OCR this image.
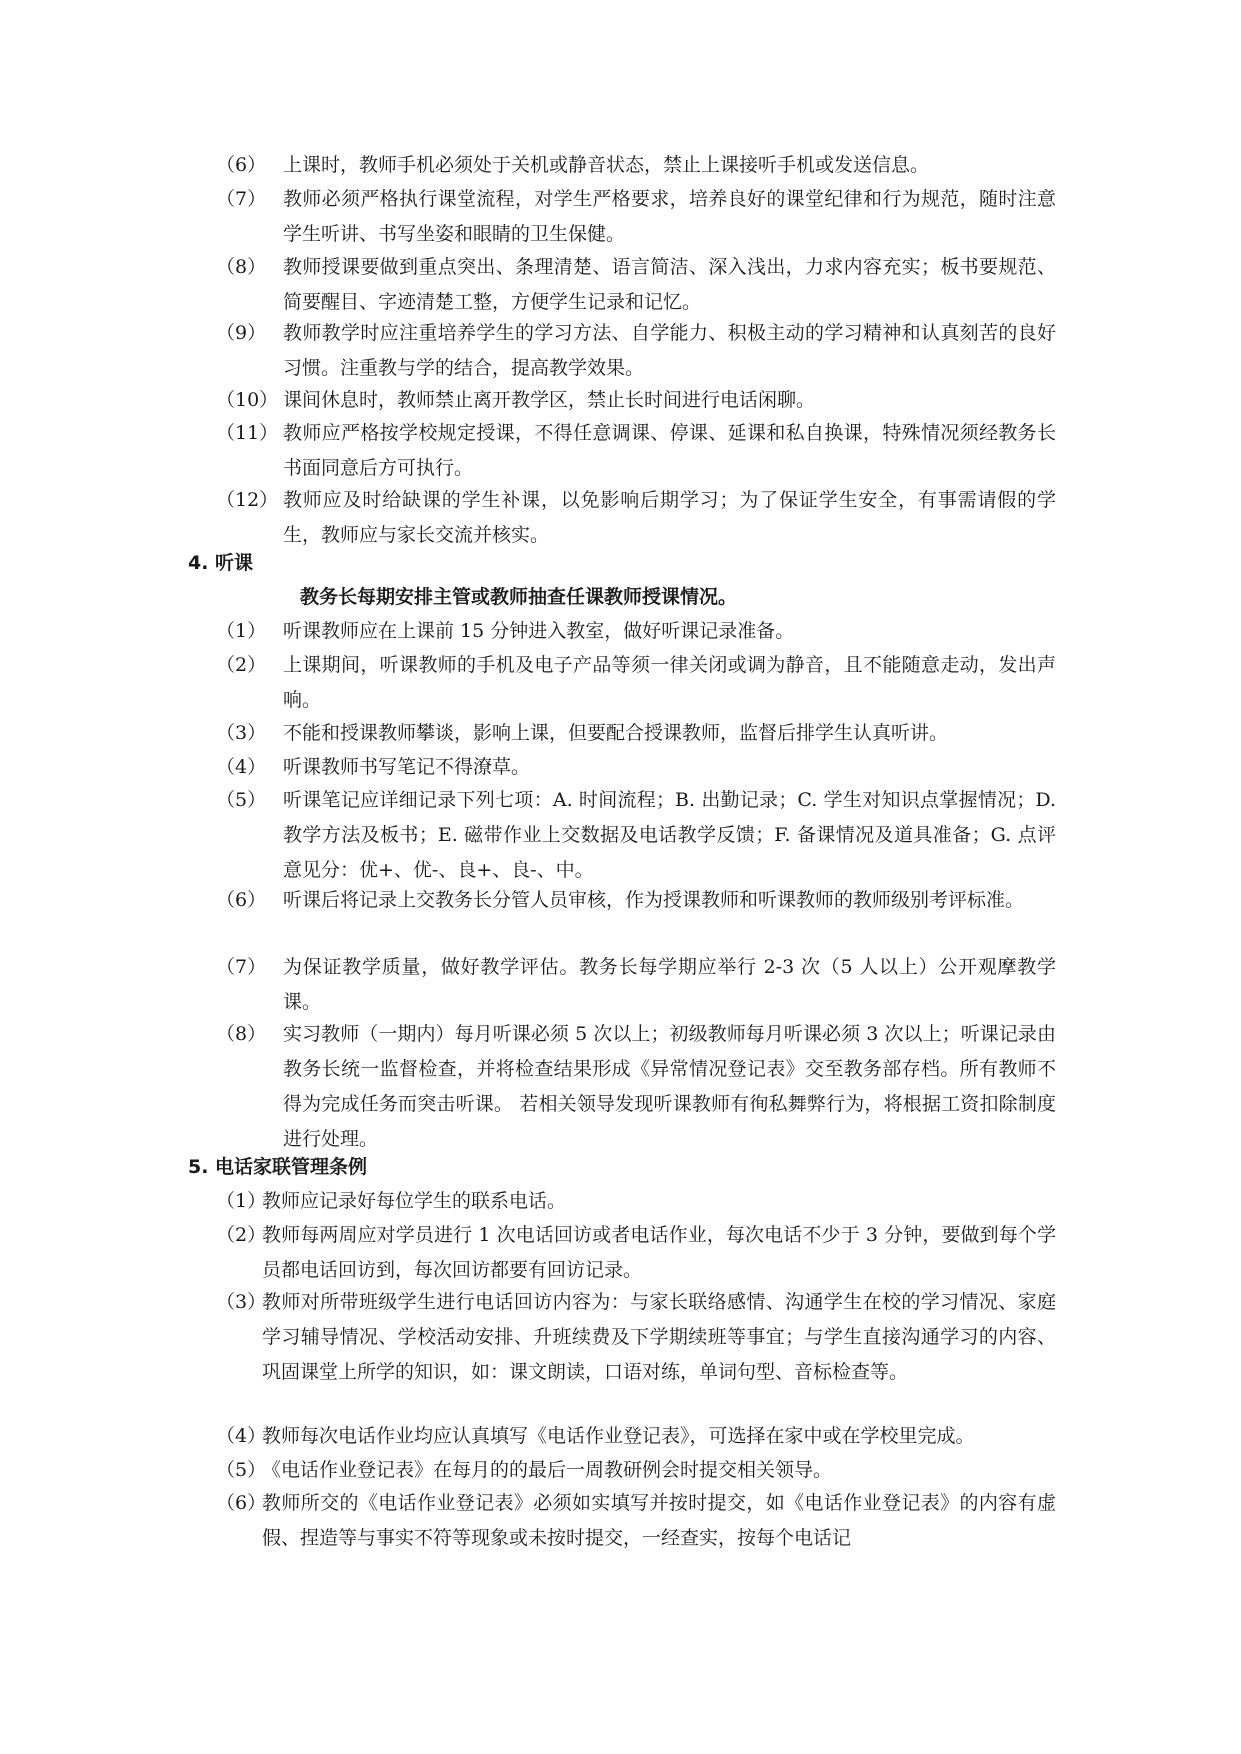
（6） 上课时，教师手机必须处于关机或静音状态，禁止上课接听手机或发送信息。
（7） 教师必须严格执行课堂流程，对学生严格要求，培养良好的课堂纪律和行为规范，随时注意学生听讲、书写坐姿和眼睛的卫生保健。
（8） 教师授课要做到重点突出、条理清楚、语言简洁、深入浅出，力求内容充实；板书要规范、简要醒目、字迹清楚工整，方便学生记录和记忆。
（9） 教师教学时应注重培养学生的学习方法、自学能力、积极主动的学习精神和认真刻苦的良好习惯。注重教与学的结合，提高教学效果。
（10） 课间休息时，教师禁止离开教学区，禁止长时间进行电话闲聊。
（11） 教师应严格按学校规定授课，不得任意调课、停课、延课和私自换课，特殊情况须经教务长书面同意后方可执行。
（12） 教师应及时给缺课的学生补课，以免影响后期学习；为了保证学生安全，有事需请假的学生，教师应与家长交流并核实。
4. 听课

教务长每期安排主管或教师抽查任课教师授课情况。

（1） 听课教师应在上课前 15 分钟进入教室，做好听课记录准备。
（2） 上课期间，听课教师的手机及电子产品等须一律关闭或调为静音，且不能随意走动，发出声响。
（3） 不能和授课教师攀谈，影响上课，但要配合授课教师，监督后排学生认真听讲。
（4） 听课教师书写笔记不得潦草。
（5） 听课笔记应详细记录下列七项：A. 时间流程；B. 出勤记录；C. 学生对知识点掌握情况；D. 教学方法及板书；E. 磁带作业上交数据及电话教学反馈；F. 备课情况及道具准备；G. 点评意见分：优+、优-、良+、良-、中。
（6） 听课后将记录上交教务长分管人员审核，作为授课教师和听课教师的教师级别考评标准。
（7） 为保证教学质量，做好教学评估。教务长每学期应举行 2-3 次（5 人以上）公开观摩教学课。
（8） 实习教师（一期内）每月听课必须 5 次以上；初级教师每月听课必须 3 次以上；听课记录由教务长统一监督检查，并将检查结果形成《异常情况登记表》交至教务部存档。所有教师不得为完成任务而突击听课。 若相关领导发现听课教师有徇私舞弊行为，将根据工资扣除制度进行处理。
5. 电话家联管理条例
（1）
教师应记录好每位学生的联系电话。
（2）
教师每两周应对学员进行 1 次电话回访或者电话作业，每次电话不少于 3 分钟，要做到每个学员都电话回访到，每次回访都要有回访记录。
（3）
教师对所带班级学生进行电话回访内容为：与家长联络感情、沟通学生在校的学习情况、家庭学习辅导情况、学校活动安排、升班续费及下学期续班等事宜；与学生直接沟通学习的内容、巩固课堂上所学的知识，如：课文朗读，口语对练，单词句型、音标检查等。
（4）
教师每次电话作业均应认真填写《电话作业登记表》，可选择在家中或在学校里完成。
（5）
《电话作业登记表》在每月的的最后一周教研例会时提交相关领导。
（6）
教师所交的《电话作业登记表》必须如实填写并按时提交，如《电话作业登记表》的内容有虚假、捏造等与事实不符等现象或未按时提交，一经查实，按每个电话记
